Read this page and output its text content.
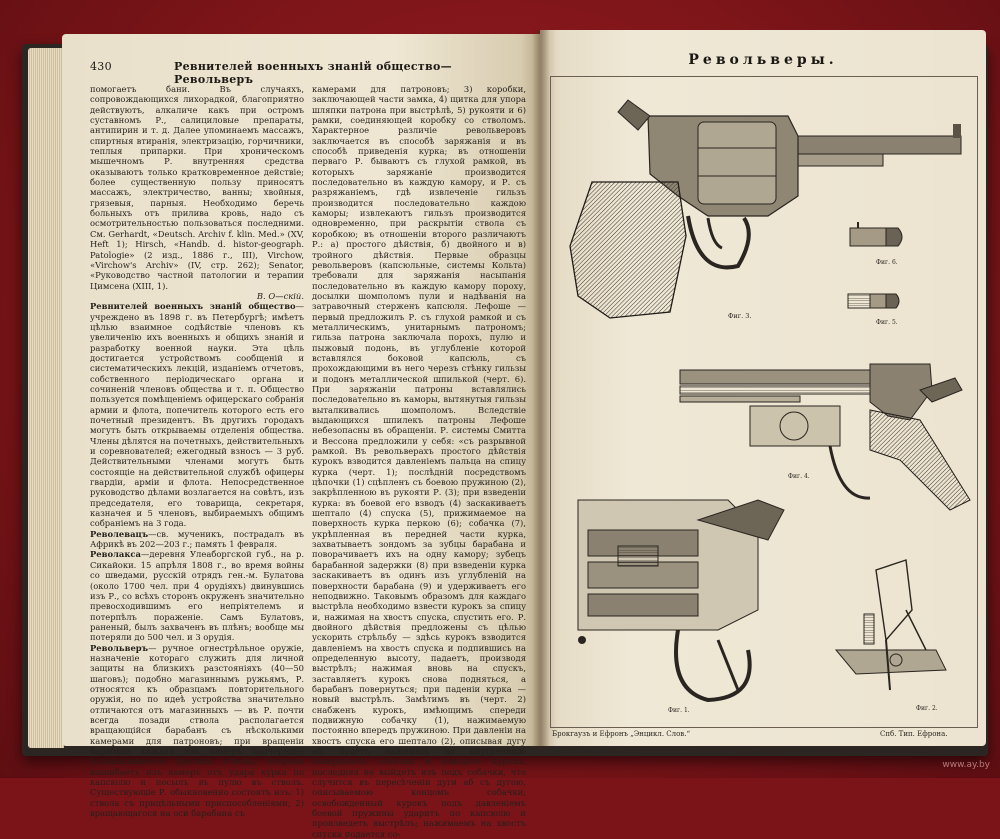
430	Ревнителей военныхъ знаній общество—Револьверъ

помогаетъ бани. Въ случаяхъ, сопровождающихся лихорадкой, благоприятно действуютъ, алкаличе какъ при остромъ суставномъ Р., салициловые препараты, антипирин и т. д. Далее упоминаемъ массажъ, спиртныя втиранія, электризацію, горчичники, теплыя припарки. При хроническомъ мышечномъ Р. внутренняя средства оказываютъ только кратковременное действіе; более существенную пользу приносятъ массажъ, электричество, ванны; хвойныя, грязевыя, парныя. Необходимо беречь больныхъ отъ прилива кровь, надо съ осмотрительностью пользоваться последними. См. Gerhardt, «Deutsch. Archiv f. klin. Med.» (XV, Heft 1); Hirsch, «Handb. d. histor-geograph. Patologie» (2 изд., 1886 г., III), Virchow, «Virchow's Archiv» (IV, стр. 262); Senator, «Руководство частной патологии и терапии Цимсена (XIII, 1).

В. О—скій.

Ревнителей военныхъ знаній общество—учреждено въ 1898 г. въ Петербургѣ; имѣетъ цѣлью взаимное содѣйствіе членовъ къ увеличенію ихъ военныхъ и общихъ знаній и разработку военной науки. Эта цѣль достигается устройствомъ сообщеній и систематическихъ лекцій, изданіемъ отчетовъ, собственного періодическаго органа и сочиненій членовъ общества и т. п. Общество пользуется помѣщеніемъ офицерскаго собранія армии и флота, попечитель которого есть его почетный президентъ. Въ другихъ городахъ могутъ быть открываемы отделенія общества. Члены дѣлятся на почетныхъ, действительныхъ и соревнователей; ежегодный взносъ — 3 руб. Действительными членами могутъ быть состоящіе на действительной службѣ офицеры гвардіи, арміи и флота. Непосредственное руководство дѣлами возлагается на совѣтъ, изъ председателя, его товарища, секретаря, казначея и 5 членовъ, выбираемыхъ общимъ собраніемъ на 3 года.

Револевацъ—св. мученикъ, пострадалъ въ Африкѣ въ 202—203 г.; память 1 февраля.

Револакса—деревня Улеаборгской губ., на р. Сикайоки. 15 апрѣля 1808 г., во время войны со шведами, русскій отрядъ ген.-м. Булатова (около 1700 чел. при 4 орудіяхъ) двинувшись изъ Р., со всѣхъ сторонъ окруженъ значительно превосходившимъ его непріятелемъ и потерпѣлъ пораженіе. Самъ Булатовъ, раненый, былъ захваченъ въ плѣнъ; вообще мы потеряли до 500 чел. и 3 орудія.

Револьверъ— ручное огнестрѣльное оружіе, назначеніе котораго служить для личной защиты на близкихъ разстояніяхъ (40—50 шаговъ); подобно магазиннымъ ружьямъ, Р. относятся къ образцамъ повторительного оружія, но по идеѣ устройства значительно отличаются отъ магазинныхъ — въ Р. почти всегда позади ствола располагается вращающійся барабанъ съ нѣсколькими камерами для патроновъ; при вращеніи барабана каждая изъ камеръ поочередно устанавливается противъ ствола, патронъ вышибаетъ изъ камеръ отъ удара курка по капсюлю и посылъ въ пулю въ стволъ. Существующіе Р. обыкновенно состоятъ изъ: 1) ствола съ прицѣльными приспособленіями; 2) вращающагося на оси барабана съ

камерами для патроновъ; 3) коробки, заключающей части замка, 4) щитка для упора шляпки патрона при выстрѣлѣ, 5) рукояти и 6) рамки, соединяющей коробку со стволомъ. Характерное различіе револьверовъ заключается въ способѣ заряжанія и въ способѣ приведенія курка; въ отношеніи перваго Р. бываютъ съ глухой рамкой, въ которыхъ заряжаніе производится последовательно въ каждую камору, и Р. съ разряжаніемъ, гдѣ извлеченіе гильзъ производится последовательно каждою каморы; извлекаютъ гильзъ производится одновременно, при раскрытіи ствола съ коробкою; въ отношеніи второго различаютъ Р.: а) простого дѣйствія, б) двойного и в) тройного дѣйствія. Первые образцы револьверовъ (капсюльные, системы Кольта) требовали для заряжанія насыпанія последовательно въ каждую камору пороху, досылки шомполомъ пули и надѣванія на затравочный стерженъ капсюля. Лефоше — первый предложилъ Р. съ глухой рамкой и съ металлическимъ, унитарнымъ патрономъ; гильза патрона заключала порохъ, пулю и пыжовый подонь, въ углубленіе которой вставлялся боковой капсюль, съ прохождающими въ него черезъ стѣнку гильзы и подонъ металлической шпилькой (черт. 6). При заряжаніи патроны вставлялись последовательно въ каморы, вытянутыя гильзы выталкивались шомполомъ. Вследствіе выдающихся шпилекъ патроны Лефоше небезопасны въ обращеніи. Р. системы Смитта и Вессона предложили у себя: «съ разрывной рамкой. Въ револьверахъ простого дѣйствія курокъ взводится давленіемъ пальца на спицу курка (черт. 1); послѣдній посредствомъ цѣпочки (1) сцѣпленъ съ боевою пружиною (2), закрѣпленною въ рукояти Р. (3); при взведеніи курка: въ боевой его взводъ (4) заскакиваетъ шептало (4) спуска (5), прижимаемое на поверхность курка перкою (6); собачка (7), укрѣпленная въ передней части курка, захватываетъ зондомъ за зубцы барабана и поворачиваетъ ихъ на одну камору; зубецъ барабанной задержки (8) при взведеніи курка заскакиваетъ въ одинъ изъ углубленій на поверхности барабана (9) и удерживаетъ его неподвижно. Таковымъ образомъ для каждаго выстрѣла необходимо взвести курокъ за спицу и, нажимая на хвостъ спуска, спустить его. Р. двойного дѣйствія предложены съ цѣлью ускорить стрѣльбу — здѣсь курокъ взводится давленіемъ на хвостъ спуска и подпившись на определенную высоту, падаетъ, производя выстрѣлъ; нажимая вновь на спускъ, заставляетъ курокъ снова подняться, а барабанъ повернуться; при паденіи курка — новый выстрѣлъ. Замѣтимъ въ (черт. 2) снабженъ курокъ, имѣющимъ спереди подвижную собачку (1), нажимаемую постоянно впередъ пружиною. При давленіи на хвостъ спуска его шептало (2), описывая дугу аб, будетъ нажимать на внутреннюю поверхность собачки и взводить курокъ, последняя не выйдетъ изъ подъ собачки, что случится въ пересѣченіи дуги аб съ дугою, описываемою концомъ собачки; освобожденный курокъ подъ давленіемъ боевой пружины ударитъ по капсюлю и произведетъ выстрѣлъ; нажимаемъ на хвостъ спуска подается со-

Револьверы.
Фиг. 3.
Фиг. 6.
Фиг. 5.
Фиг. 4.
Фиг. 1.	Фиг. 2.
Брокгаузъ и Ефронъ „Энцикл. Слов.“	Спб. Тип. Ефрона.
www.ay.by
